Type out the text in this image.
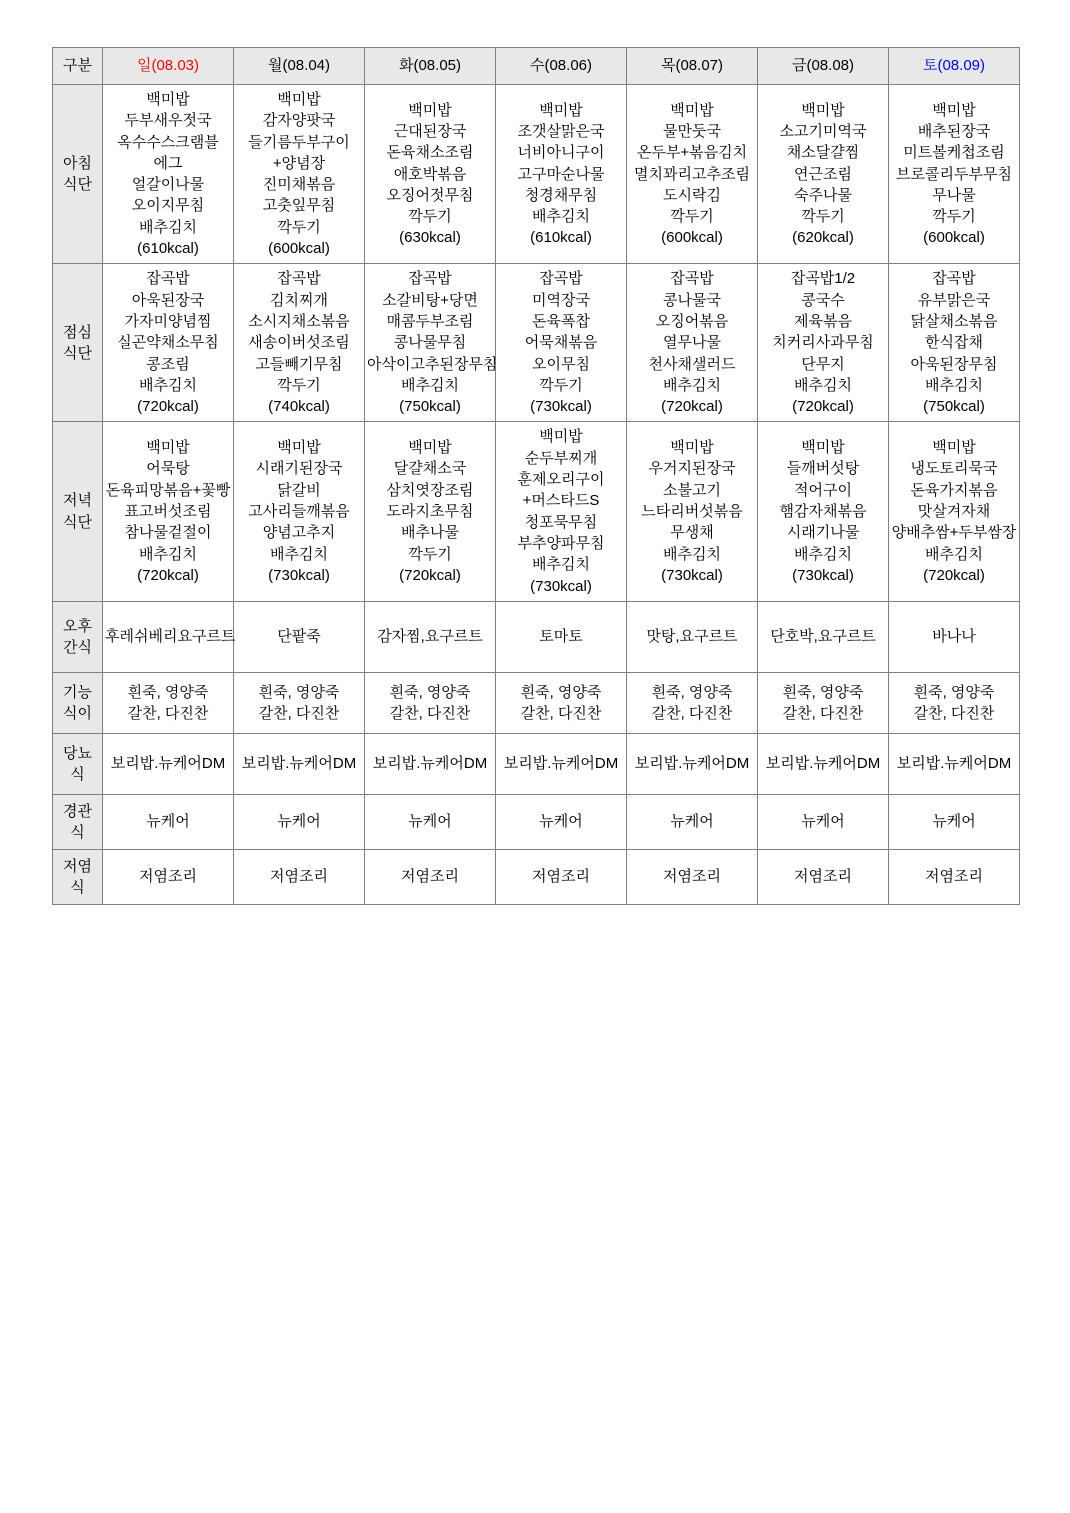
구분	일(08.03)	월(08.04)	화(08.05)	수(08.06)	목(08.07)	금(08.08)	토(08.09)

아침
식단
	백미밥
두부새우젓국
옥수수스크램블
에그
얼갈이나물
오이지무침
배추김치
(610kcal)	백미밥
감자양팟국
들기름두부구이
+양념장
진미채볶음
고춧잎무침
깍두기
(600kcal)	백미밥
근대된장국
돈육채소조림
애호박볶음
오징어젓무침
깍두기
(630kcal)	백미밥
조갯살맑은국
너비아니구이
고구마순나물
청경채무침
배추김치
(610kcal)	백미밥
물만둣국
온두부+볶음김치
멸치꽈리고추조림
도시락김
깍두기
(600kcal)	백미밥
소고기미역국
채소달걀찜
연근조림
숙주나물
깍두기
(620kcal)	백미밥
배추된장국
미트볼케첩조림
브로콜리두부무침
무나물
깍두기
(600kcal)

점심
식단
	잡곡밥
아욱된장국
가자미양념찜
실곤약채소무침
콩조림
배추김치
(720kcal)	잡곡밥
김치찌개
소시지채소볶음
새송이버섯조림
고들빼기무침
깍두기
(740kcal)	잡곡밥
소갈비탕+당면
매콤두부조림
콩나물무침
아삭이고추된장무침
배추김치
(750kcal)	잡곡밥
미역장국
돈육폭찹
어묵채볶음
오이무침
깍두기
(730kcal)	잡곡밥
콩나물국
오징어볶음
열무나물
천사채샐러드
배추김치
(720kcal)	잡곡밥1/2
콩국수
제육볶음
치커리사과무침
단무지
배추김치
(720kcal)	잡곡밥
유부맑은국
닭살채소볶음
한식잡채
아욱된장무침
배추김치
(750kcal)

저녁
식단
	백미밥
어묵탕
돈육피망볶음+꽃빵
표고버섯조림
참나물겉절이
배추김치
(720kcal)	백미밥
시래기된장국
닭갈비
고사리들깨볶음
양념고추지
배추김치
(730kcal)	백미밥
달걀채소국
삼치엿장조림
도라지초무침
배추나물
깍두기
(720kcal)	백미밥
순두부찌개
훈제오리구이
+머스타드S
청포묵무침
부추양파무침
배추김치
(730kcal)	백미밥
우거지된장국
소불고기
느타리버섯볶음
무생채
배추김치
(730kcal)	백미밥
들깨버섯탕
적어구이
햄감자채볶음
시래기나물
배추김치
(730kcal)	백미밥
냉도토리묵국
돈육가지볶음
맛살겨자채
양배추쌈+두부쌈장
배추김치
(720kcal)

오후
간식	후레쉬베리요구르트	단팥죽	감자찜,요구르트	토마토	맛탕,요구르트	단호박,요구르트	바나나

기능
식이	흰죽, 영양죽
갈찬, 다진찬	흰죽, 영양죽
갈찬, 다진찬	흰죽, 영양죽
갈찬, 다진찬	흰죽, 영양죽
갈찬, 다진찬	흰죽, 영양죽
갈찬, 다진찬	흰죽, 영양죽
갈찬, 다진찬	흰죽, 영양죽
갈찬, 다진찬

당뇨
식	보리밥.뉴케어DM	보리밥.뉴케어DM	보리밥.뉴케어DM	보리밥.뉴케어DM	보리밥.뉴케어DM	보리밥.뉴케어DM	보리밥.뉴케어DM

경관
식	뉴케어	뉴케어	뉴케어	뉴케어	뉴케어	뉴케어	뉴케어

저염
식	저염조리	저염조리	저염조리	저염조리	저염조리	저염조리	저염조리
